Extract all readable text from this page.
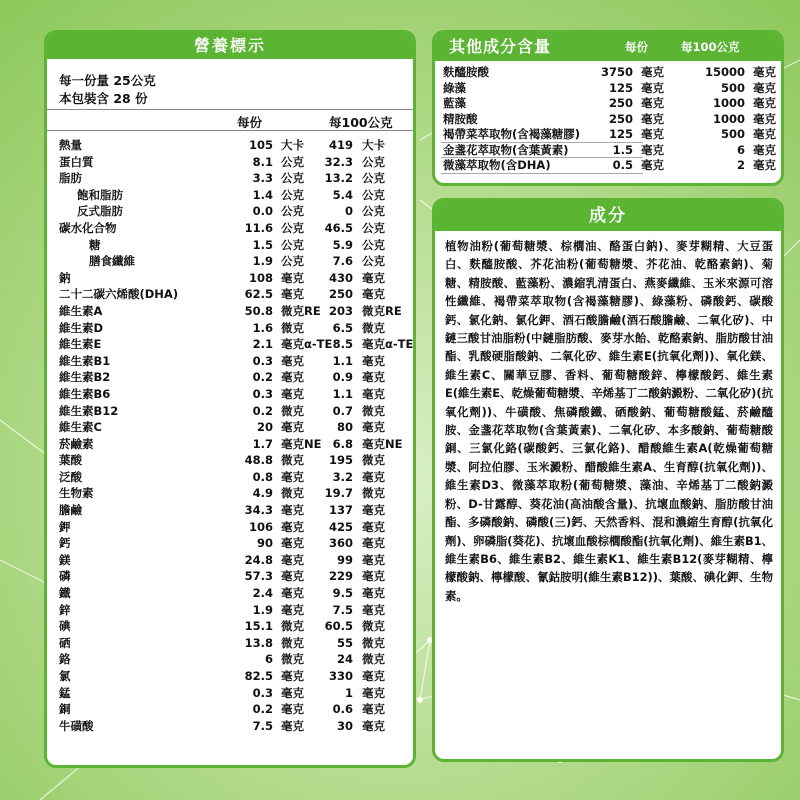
營養標示
每一份量 25公克
本包裝含 28 份
每份	每100公克
熱量	105 大卡 419 大卡
蛋白質	8.1 公克 32.3 公克
脂肪	3.3 公克 13.2 公克
飽和脂肪	1.4 公克 5.4 公克
反式脂肪	0.0 公克	0 公克
碳水化合物	11.6 公克 46.5 公克
糖	1.5 公克 5.9 公克
膳食纖維	1.9 公克 7.6 公克
鈉	108 毫克 430 毫克
二十二碳六烯酸(DHA)	62.5 毫克 250 毫克
維生素A	50.8 微克RE 203 微克RE
維生素D	1.6 微克 6.5 微克
維生素E	2.1 毫克α-TE 8.5 毫克α-TE
維生素B1	0.3 毫克 1.1 毫克
維生素B2	0.2 毫克 0.9 毫克
維生素B6	0.3 毫克 1.1 毫克
維生素B12	0.2 微克 0.7 微克
維生素C	20 毫克	80 毫克
菸鹼素	1.7 毫克NE 6.8 毫克NE
葉酸	48.8 微克 195 微克
泛酸	0.8 毫克 3.2 毫克
生物素	4.9 微克 19.7 微克
膽鹼	34.3 毫克 137 毫克
鉀	106 毫克 425 毫克
鈣	90 毫克 360 毫克
鎂	24.8 毫克	99 毫克
磷	57.3 毫克 229 毫克
鐵	2.4 毫克 9.5 毫克
鋅	1.9 毫克 7.5 毫克
碘	15.1 微克 60.5 微克
硒	13.8 微克	55 微克
鉻	6 微克	24 微克
氯	82.5 毫克 330 毫克
錳	0.3 毫克	1 毫克
銅	0.2 毫克 0.6 毫克
牛磺酸	7.5 毫克	30 毫克
其他成分含量	每份	每100公克
麩醯胺酸	3750 毫克	15000 毫克
綠藻	125 毫克	500 毫克
藍藻	250 毫克	1000 毫克
精胺酸	250 毫克	1000 毫克
褐帶菜萃取物(含褐藻糖膠)	125 毫克	500 毫克
金盞花萃取物(含葉黃素)	1.5 毫克	6 毫克
微藻萃取物(含DHA)	0.5 毫克	2 毫克
成分
植物油粉(葡萄糖漿、棕櫚油、酪蛋白鈉)、麥芽糊精、大豆蛋白、麩醯胺酸、芥花油粉(葡萄糖漿、芥花油、乾酪素鈉)、菊糖、精胺酸、藍藻粉、濃縮乳清蛋白、燕麥纖維、玉米來源可溶性纖維、褐帶菜萃取物(含褐藻糖膠)、綠藻粉、磷酸鈣、碳酸鈣、氯化鈉、氯化鉀、酒石酸膽鹼(酒石酸膽鹼、二氧化矽)、中鏈三酸甘油脂粉(中鏈脂肪酸、麥芽水飴、乾酪素鈉、脂肪酸甘油酯、乳酸硬脂酸鈉、二氧化矽、維生素E(抗氧化劑))、氧化鎂、維生素C、關華豆膠、香料、葡萄糖酸鋅、檸檬酸鈣、維生素E(維生素E、乾燥葡萄糖漿、辛烯基丁二酸鈉澱粉、二氧化矽)(抗氧化劑))、牛磺酸、焦磷酸鐵、硒酸鈉、葡萄糖酸錳、菸鹼醯胺、金盞花萃取物(含葉黃素)、二氧化矽、本多酸鈉、葡萄糖酸銅、三氯化鉻(碳酸鈣、三氯化鉻)、醋酸維生素A(乾燥葡萄糖漿、阿拉伯膠、玉米澱粉、醋酸維生素A、生育醇(抗氧化劑))、維生素D3、微藻萃取粉(葡萄糖漿、藻油、辛烯基丁二酸鈉澱粉、D-甘露醇、葵花油(高油酸含量)、抗壞血酸鈉、脂肪酸甘油酯、多磷酸鈉、磷酸(三)鈣、天然香料、混和濃縮生育醇(抗氧化劑)、卵磷脂(葵花)、抗壞血酸棕櫚酸酯(抗氧化劑)、維生素B1、維生素B6、維生素B2、維生素K1、維生素B12(麥芽糊精、檸檬酸鈉、檸檬酸、氰鈷胺明(維生素B12))、葉酸、碘化鉀、生物素。
